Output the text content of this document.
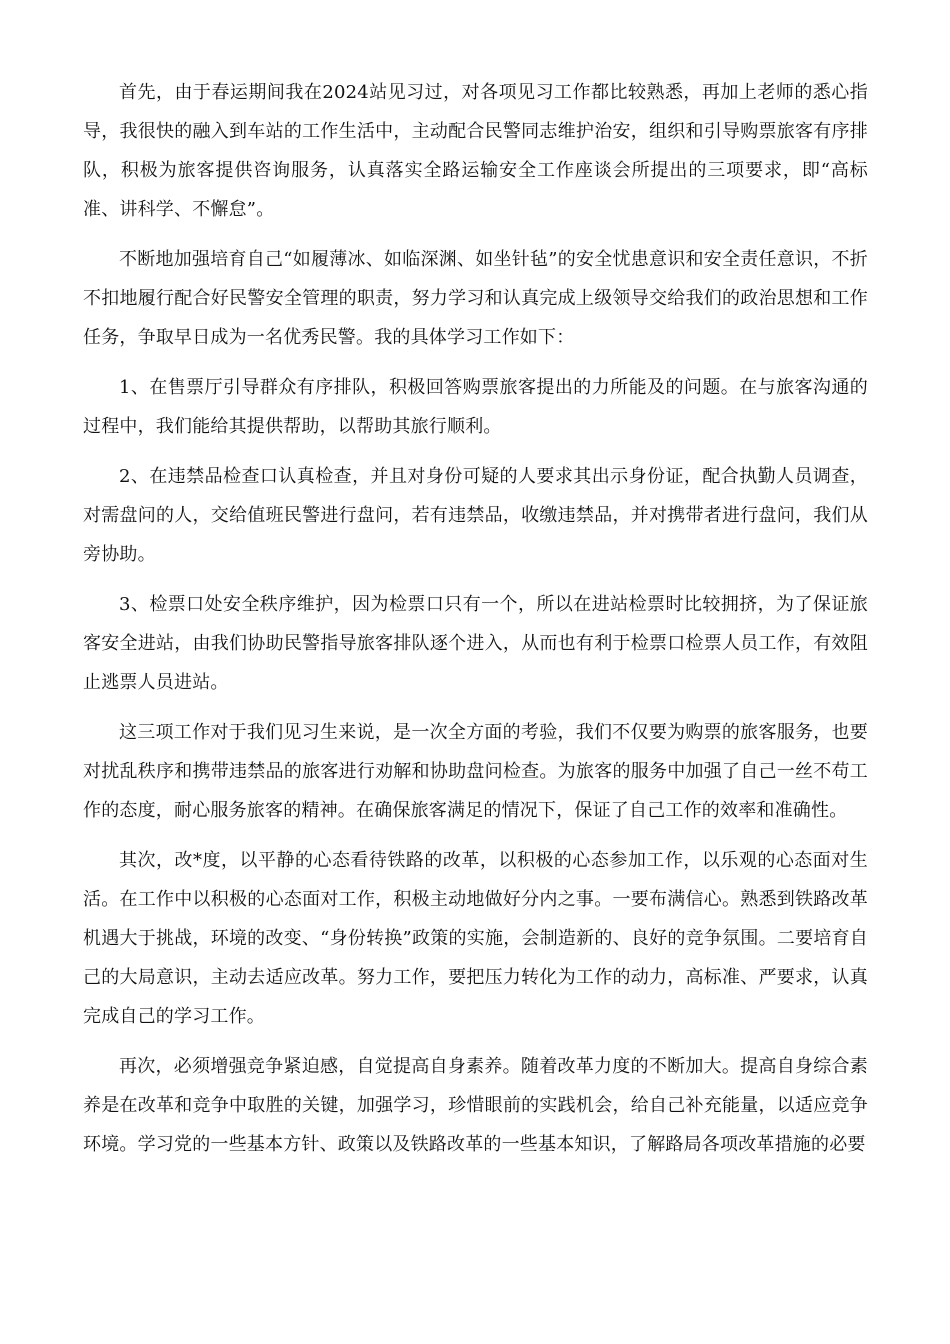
首先，由于春运期间我在2024站见习过，对各项见习工作都比较熟悉，再加上老师的悉心指导，我很快的融入到车站的工作生活中，主动配合民警同志维护治安，组织和引导购票旅客有序排队，积极为旅客提供咨询服务，认真落实全路运输安全工作座谈会所提出的三项要求，即“高标准、讲科学、不懈怠”。

不断地加强培育自己“如履薄冰、如临深渊、如坐针毡”的安全忧患意识和安全责任意识，不折不扣地履行配合好民警安全管理的职责，努力学习和认真完成上级领导交给我们的政治思想和工作任务，争取早日成为一名优秀民警。我的具体学习工作如下：

1、在售票厅引导群众有序排队，积极回答购票旅客提出的力所能及的问题。在与旅客沟通的过程中，我们能给其提供帮助，以帮助其旅行顺利。

2、在违禁品检查口认真检查，并且对身份可疑的人要求其出示身份证，配合执勤人员调查，对需盘问的人，交给值班民警进行盘问，若有违禁品，收缴违禁品，并对携带者进行盘问，我们从旁协助。

3、检票口处安全秩序维护，因为检票口只有一个，所以在进站检票时比较拥挤，为了保证旅客安全进站，由我们协助民警指导旅客排队逐个进入，从而也有利于检票口检票人员工作，有效阻止逃票人员进站。

这三项工作对于我们见习生来说，是一次全方面的考验，我们不仅要为购票的旅客服务，也要对扰乱秩序和携带违禁品的旅客进行劝解和协助盘问检查。为旅客的服务中加强了自己一丝不苟工作的态度，耐心服务旅客的精神。在确保旅客满足的情况下，保证了自己工作的效率和准确性。

其次，改*度，以平静的心态看待铁路的改革，以积极的心态参加工作，以乐观的心态面对生活。在工作中以积极的心态面对工作，积极主动地做好分内之事。一要布满信心。熟悉到铁路改革机遇大于挑战，环境的改变、“身份转换”政策的实施，会制造新的、良好的竞争氛围。二要培育自己的大局意识，主动去适应改革。努力工作，要把压力转化为工作的动力，高标准、严要求，认真完成自己的学习工作。

再次，必须增强竞争紧迫感，自觉提高自身素养。随着改革力度的不断加大。提高自身综合素养是在改革和竞争中取胜的关键，加强学习，珍惜眼前的实践机会，给自己补充能量，以适应竞争环境。学习党的一些基本方针、政策以及铁路改革的一些基本知识，了解路局各项改革措施的必要
